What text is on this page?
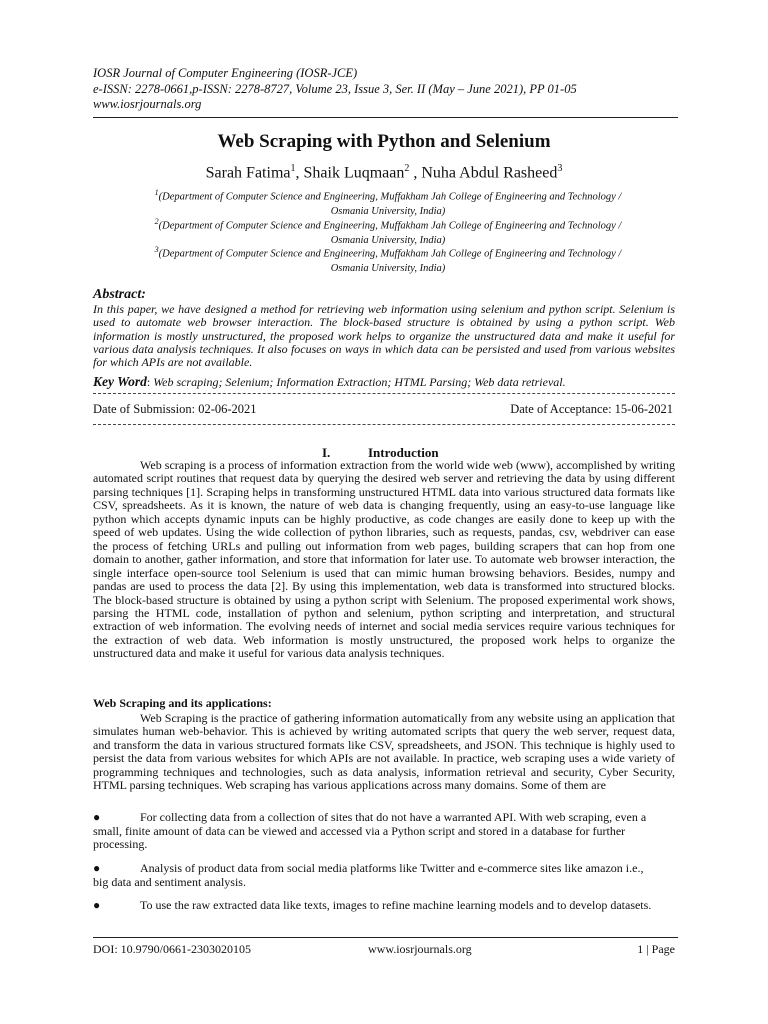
IOSR Journal of Computer Engineering (IOSR-JCE)
e-ISSN: 2278-0661,p-ISSN: 2278-8727, Volume 23, Issue 3, Ser. II (May – June 2021), PP 01-05
www.iosrjournals.org
Web Scraping with Python and Selenium
Sarah Fatima$^1$, Shaik Luqmaan$^2$ , Nuha Abdul Rasheed$^3$
$^1$(Department of Computer Science and Engineering, Muffakham Jah College of Engineering and Technology /
Osmania University, India)
$^2$(Department of Computer Science and Engineering, Muffakham Jah College of Engineering and Technology /
Osmania University, India)
$^3$(Department of Computer Science and Engineering, Muffakham Jah College of Engineering and Technology /
Osmania University, India)
Abstract:
In this paper, we have designed a method for retrieving web information using selenium and python script. Selenium is used to automate web browser interaction. The block-based structure is obtained by using a python script. Web information is mostly unstructured, the proposed work helps to organize the unstructured data and make it useful for various data analysis techniques. It also focuses on ways in which data can be persisted and used from various websites for which APIs are not available.
Key Word: Web scraping; Selenium; Information Extraction; HTML Parsing; Web data retrieval.
Date of Submission: 02-06-2021	Date of Acceptance: 15-06-2021
I.	Introduction
Web scraping is a process of information extraction from the world wide web (www), accomplished by writing automated script routines that request data by querying the desired web server and retrieving the data by using different parsing techniques [1]. Scraping helps in transforming unstructured HTML data into various structured data formats like CSV, spreadsheets. As it is known, the nature of web data is changing frequently, using an easy-to-use language like python which accepts dynamic inputs can be highly productive, as code changes are easily done to keep up with the speed of web updates. Using the wide collection of python libraries, such as requests, pandas, csv, webdriver can ease the process of fetching URLs and pulling out information from web pages, building scrapers that can hop from one domain to another, gather information, and store that information for later use. To automate web browser interaction, the single interface open-source tool Selenium is used that can mimic human browsing behaviors. Besides, numpy and pandas are used to process the data [2]. By using this implementation, web data is transformed into structured blocks. The block-based structure is obtained by using a python script with Selenium. The proposed experimental work shows, parsing the HTML code, installation of python and selenium, python scripting and interpretation, and structural extraction of web information. The evolving needs of internet and social media services require various techniques for the extraction of web data. Web information is mostly unstructured, the proposed work helps to organize the unstructured data and make it useful for various data analysis techniques.
Web Scraping and its applications:
Web Scraping is the practice of gathering information automatically from any website using an application that simulates human web-behavior. This is achieved by writing automated scripts that query the web server, request data, and transform the data in various structured formats like CSV, spreadsheets, and JSON. This technique is highly used to persist the data from various websites for which APIs are not available. In practice, web scraping uses a wide variety of programming techniques and technologies, such as data analysis, information retrieval and security, Cyber Security, HTML parsing techniques. Web scraping has various applications across many domains. Some of them are
●	For collecting data from a collection of sites that do not have a warranted API. With web scraping, even a small, finite amount of data can be viewed and accessed via a Python script and stored in a database for further processing.
●	Analysis of product data from social media platforms like Twitter and e-commerce sites like amazon i.e., big data and sentiment analysis.
●	To use the raw extracted data like texts, images to refine machine learning models and to develop datasets.
DOI: 10.9790/0661-2303020105	www.iosrjournals.org	1 | Page
